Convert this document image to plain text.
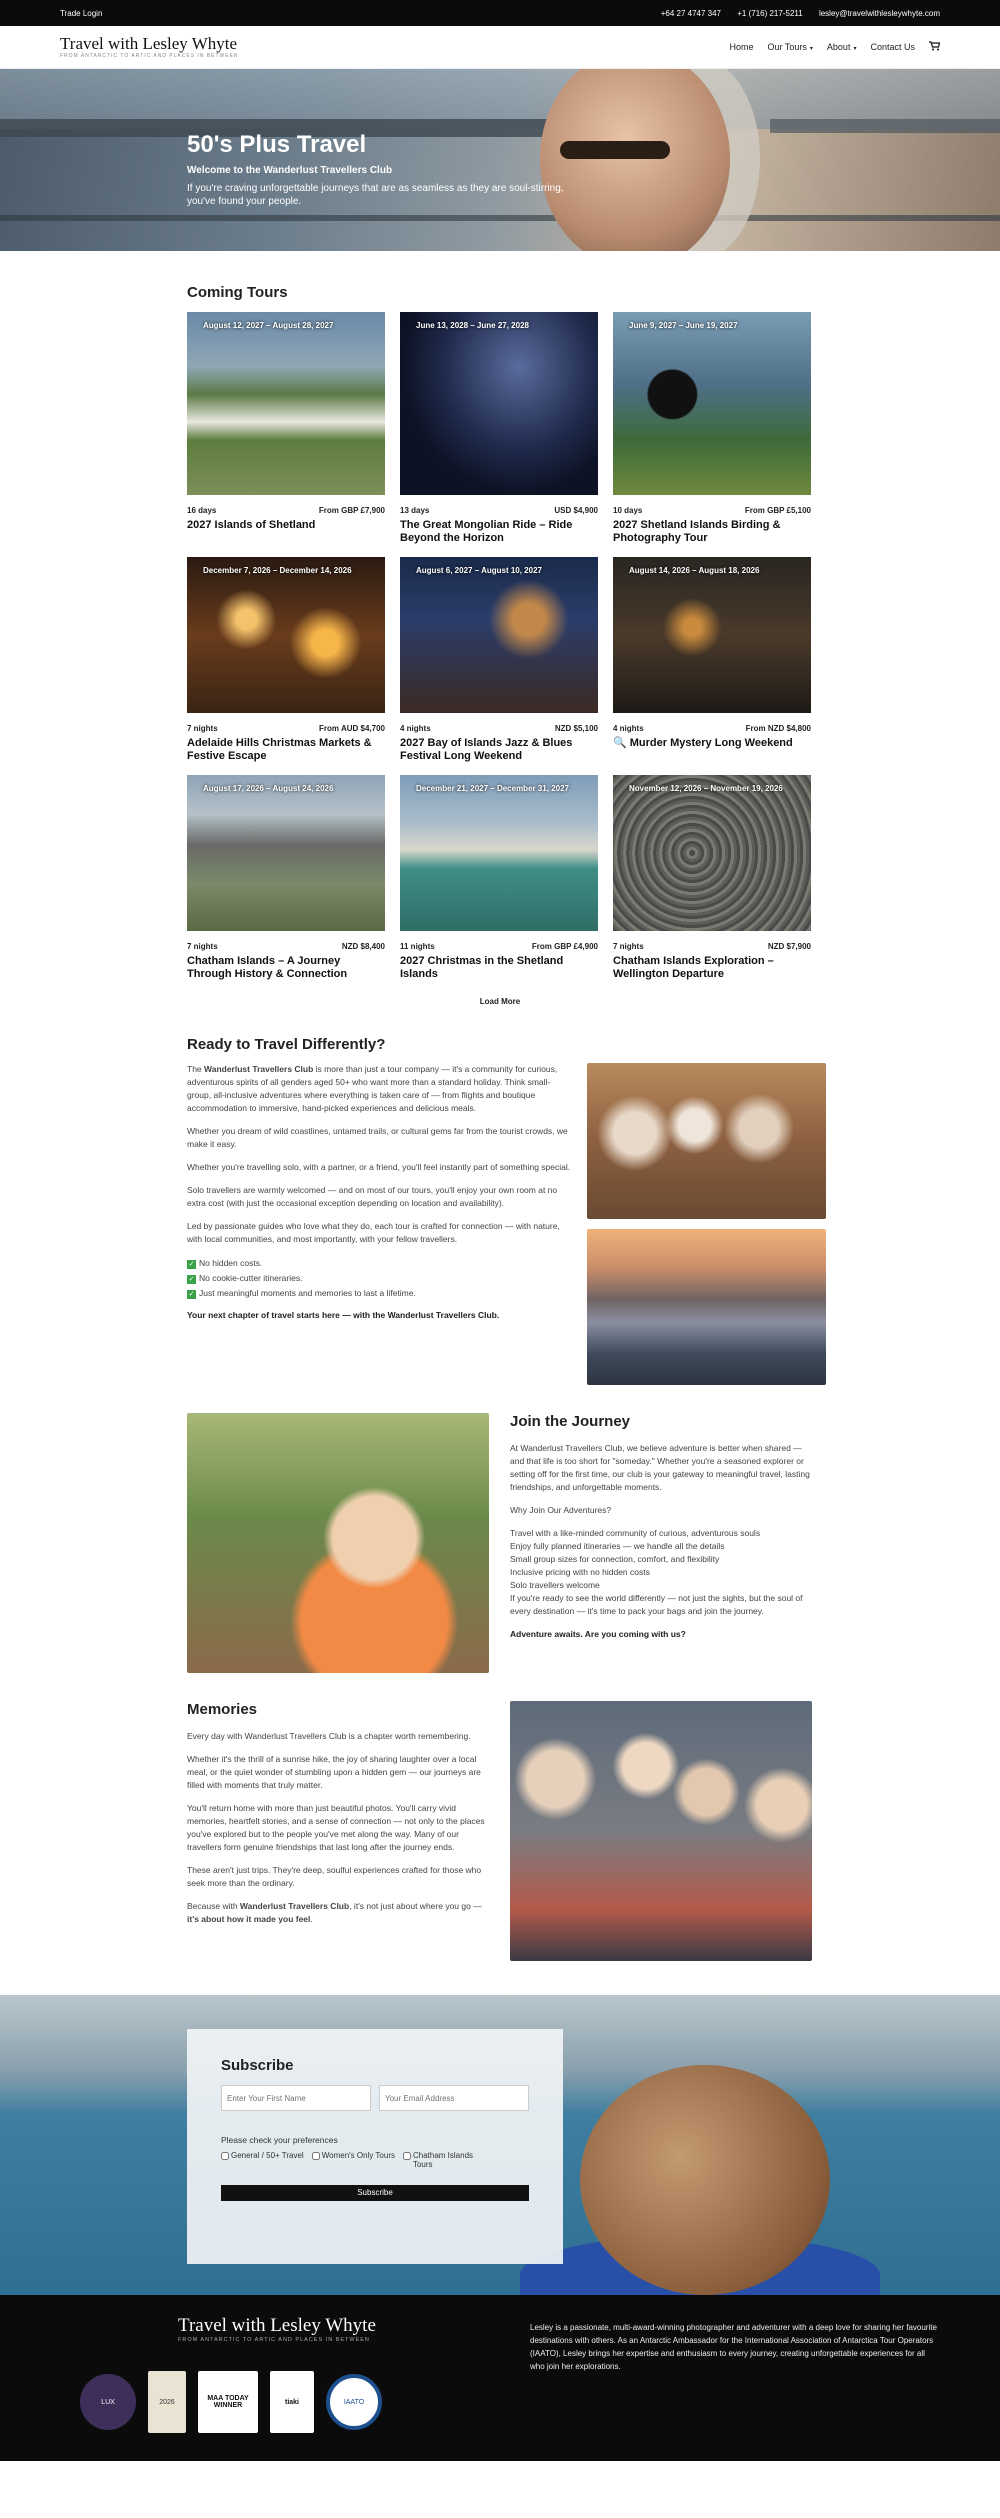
Trade Login	+64 27 4747 347 +1 (716) 217-5211 lesley@travelwithlesleywhyte.com
Travel with Lesley Whyte
FROM ANTARCTIC TO ARTIC AND PLACES IN BETWEEN
Home Our Tours ▾ About ▾ Contact Us
50's Plus Travel
Welcome to the Wanderlust Travellers Club

If you're craving unforgettable journeys that are as seamless as they are soul-stirring, you've found your people.

Coming Tours
August 12, 2027 – August 28, 2027
16 days	From GBP £7,900
2027 Islands of Shetland
June 13, 2028 – June 27, 2028
13 days	USD $4,900
The Great Mongolian Ride – Ride Beyond the Horizon
June 9, 2027 – June 19, 2027
10 days	From GBP £5,100
2027 Shetland Islands Birding & Photography Tour
December 7, 2026 – December 14, 2026
7 nights	From AUD $4,700
Adelaide Hills Christmas Markets & Festive Escape
August 6, 2027 – August 10, 2027
4 nights	NZD $5,100
2027 Bay of Islands Jazz & Blues Festival Long Weekend
August 14, 2026 – August 18, 2026
4 nights	From NZD $4,800
🔍 Murder Mystery Long Weekend
August 17, 2026 – August 24, 2026
7 nights	NZD $8,400
Chatham Islands – A Journey Through History & Connection
December 21, 2027 – December 31, 2027
11 nights	From GBP £4,900
2027 Christmas in the Shetland Islands
November 12, 2026 – November 19, 2026
7 nights	NZD $7,900
Chatham Islands Exploration – Wellington Departure
Load More
Ready to Travel Differently?

The Wanderlust Travellers Club is more than just a tour company — it's a community for curious, adventurous spirits of all genders aged 50+ who want more than a standard holiday. Think small-group, all-inclusive adventures where everything is taken care of — from flights and boutique accommodation to immersive, hand-picked experiences and delicious meals.

Whether you dream of wild coastlines, untamed trails, or cultural gems far from the tourist crowds, we make it easy.

Whether you're travelling solo, with a partner, or a friend, you'll feel instantly part of something special.

Solo travellers are warmly welcomed — and on most of our tours, you'll enjoy your own room at no extra cost (with just the occasional exception depending on location and availability).

Led by passionate guides who love what they do, each tour is crafted for connection — with nature, with local communities, and most importantly, with your fellow travellers.

✓ No hidden costs.
✓ No cookie-cutter itineraries.
✓ Just meaningful moments and memories to last a lifetime.

Your next chapter of travel starts here — with the Wanderlust Travellers Club.

Join the Journey

At Wanderlust Travellers Club, we believe adventure is better when shared — and that life is too short for "someday." Whether you're a seasoned explorer or setting off for the first time, our club is your gateway to meaningful travel, lasting friendships, and unforgettable moments.

Why Join Our Adventures?

Travel with a like-minded community of curious, adventurous souls
Enjoy fully planned itineraries — we handle all the details
Small group sizes for connection, comfort, and flexibility
Inclusive pricing with no hidden costs
Solo travellers welcome
If you're ready to see the world differently — not just the sights, but the soul of every destination — it's time to pack your bags and join the journey.

Adventure awaits. Are you coming with us?

Memories

Every day with Wanderlust Travellers Club is a chapter worth remembering.

Whether it's the thrill of a sunrise hike, the joy of sharing laughter over a local meal, or the quiet wonder of stumbling upon a hidden gem — our journeys are filled with moments that truly matter.

You'll return home with more than just beautiful photos. You'll carry vivid memories, heartfelt stories, and a sense of connection — not only to the places you've explored but to the people you've met along the way. Many of our travellers form genuine friendships that last long after the journey ends.

These aren't just trips. They're deep, soulful experiences crafted for those who seek more than the ordinary.

Because with Wanderlust Travellers Club, it's not just about where you go — it's about how it made you feel.

Subscribe
Enter Your First Name
Your Email Address
Please check your preferences
General / 50+ Travel Women's Only Tours Chatham Islands Tours
Subscribe
Travel with Lesley Whyte
FROM ANTARCTIC TO ARTIC AND PLACES IN BETWEEN
Lesley is a passionate, multi-award-winning photographer and adventurer with a deep love for sharing her favourite destinations with others. As an Antarctic Ambassador for the International Association of Antarctica Tour Operators (IAATO), Lesley brings her expertise and enthusiasm to every journey, creating unforgettable experiences for all who join her explorations.
LUX	2026	MAA TODAY WINNER	tiaki	IAATO
